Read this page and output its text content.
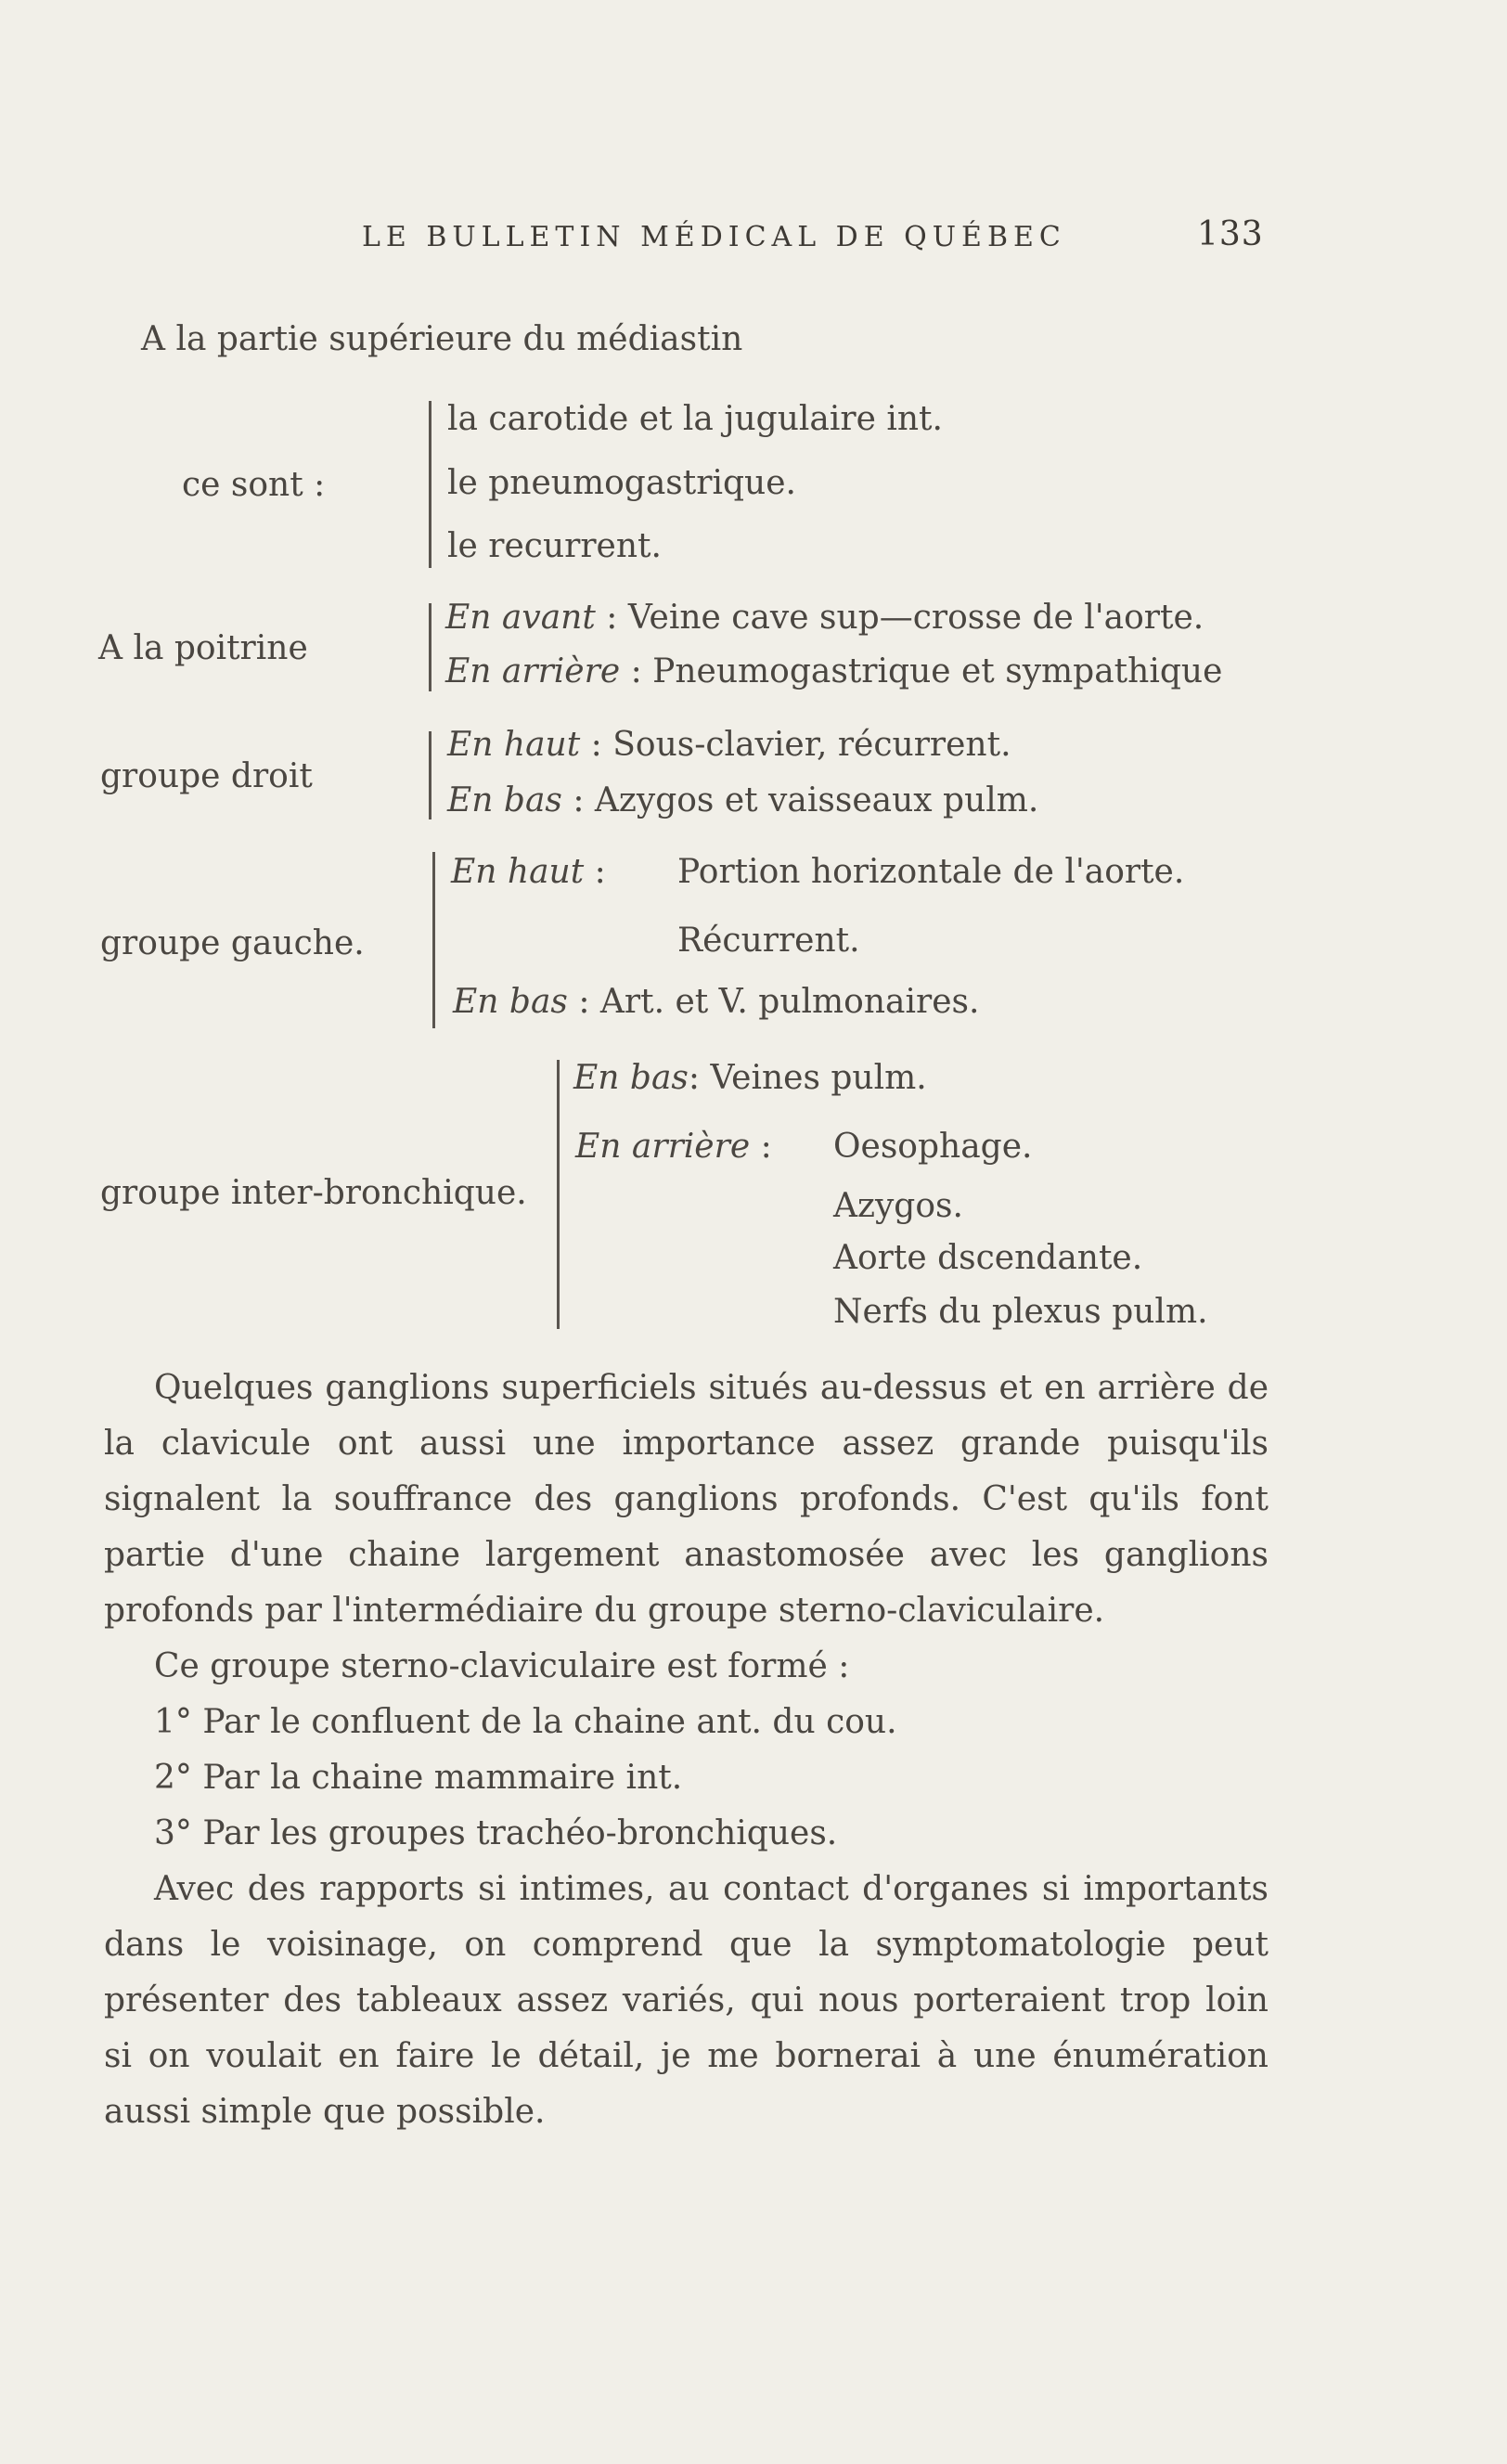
LE BULLETIN MÉDICAL DE QUÉBEC	133
A la partie supérieure du médiastin
ce sont :
la carotide et la jugulaire int.
le pneumogastrique.
le recurrent.
A la poitrine
En avant : Veine cave sup—crosse de l'aorte.
En arrière : Pneumogastrique et sympathique
groupe droit
En haut : Sous-clavier, récurrent.
En bas : Azygos et vaisseaux pulm.
groupe gauche.
En haut : Portion horizontale de l'aorte.
Récurrent.
En bas : Art. et V. pulmonaires.
groupe inter-bronchique.
En bas: Veines pulm.
En arrière : Oesophage.
Azygos.
Aorte dscendante.
Nerfs du plexus pulm.

Quelques ganglions superficiels situés au-dessus et en arrière de la clavicule ont aussi une importance assez grande puisqu'ils signalent la souffrance des ganglions profonds. C'est qu'ils font partie d'une chaine largement anastomosée avec les ganglions profonds par l'intermédiaire du groupe sterno-claviculaire.

Ce groupe sterno-claviculaire est formé :

1° Par le confluent de la chaine ant. du cou.

2° Par la chaine mammaire int.

3° Par les groupes trachéo-bronchiques.

Avec des rapports si intimes, au contact d'organes si importants dans le voisinage, on comprend que la symptomatologie peut présenter des tableaux assez variés, qui nous porteraient trop loin si on voulait en faire le détail, je me bornerai à une énumération aussi simple que possible.
